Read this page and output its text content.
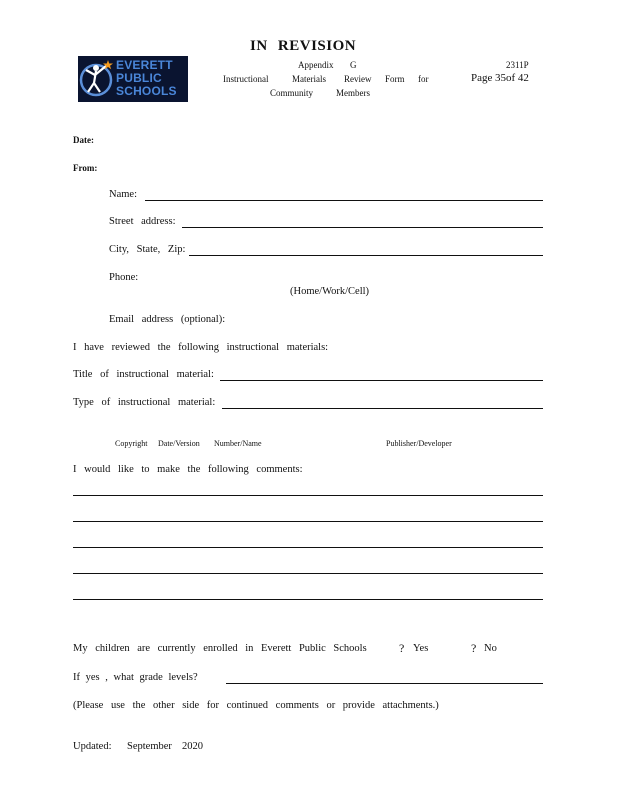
EVERETT
PUBLIC
SCHOOLS
IN REVISION
Appendix G
Instructional	Materials Review Form for
Community	Members
2311P
Page 35of 42
Date:
From:
Name:
Street address:
City, State, Zip:
Phone:
(Home/Work/Cell)
Email address (optional):
I have reviewed the following instructional materials:
Title of instructional material:
Type of instructional material:
Copyright Date/Version Number/Name	Publisher/Developer
I would like to make the following comments:
My children are currently enrolled in Everett Public Schools	? Yes	? No
If yes , what grade levels?
(Please use the other side for continued comments or provide attachments.)
Updated: September 2020
